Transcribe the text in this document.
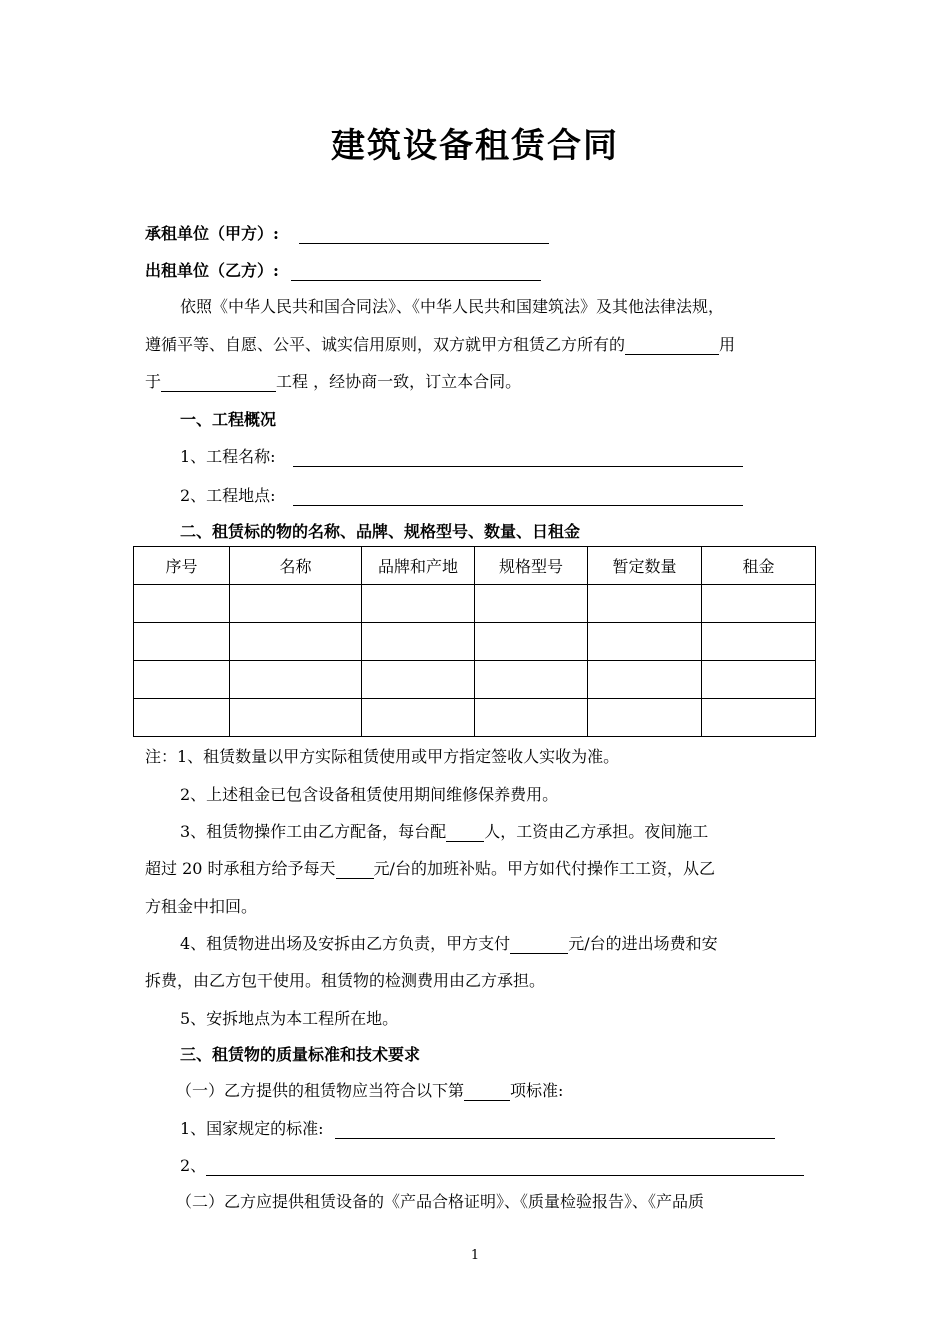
建筑设备租赁合同
承租单位（甲方）:
出租单位（乙方）:
依照《中华人民共和国合同法》、《中华人民共和国建筑法》及其他法律法规，
遵循平等、自愿、公平、诚实信用原则，双方就甲方租赁乙方所有的	用
于	工程 ，经协商一致，订立本合同。
一、工程概况
1、工程名称:
2、工程地点:
二、租赁标的物的名称、品牌、规格型号、数量、日租金
序号	名称	品牌和产地	规格型号	暂定数量	租金

注：1、租赁数量以甲方实际租赁使用或甲方指定签收人实收为准。
2、上述租金已包含设备租赁使用期间维修保养费用。
3、租赁物操作工由乙方配备，每台配 人，工资由乙方承担。夜间施工
超过 20 时承租方给予每天 元/台的加班补贴。甲方如代付操作工工资，从乙
方租金中扣回。
4、租赁物进出场及安拆由乙方负责，甲方支付	元/台的进出场费和安
拆费，由乙方包干使用。租赁物的检测费用由乙方承担。
5、安拆地点为本工程所在地。
三、租赁物的质量标准和技术要求
（一）乙方提供的租赁物应当符合以下第	项标准:
1、国家规定的标准:
2、
（二）乙方应提供租赁设备的《产品合格证明》、《质量检验报告》、《产品质
1
